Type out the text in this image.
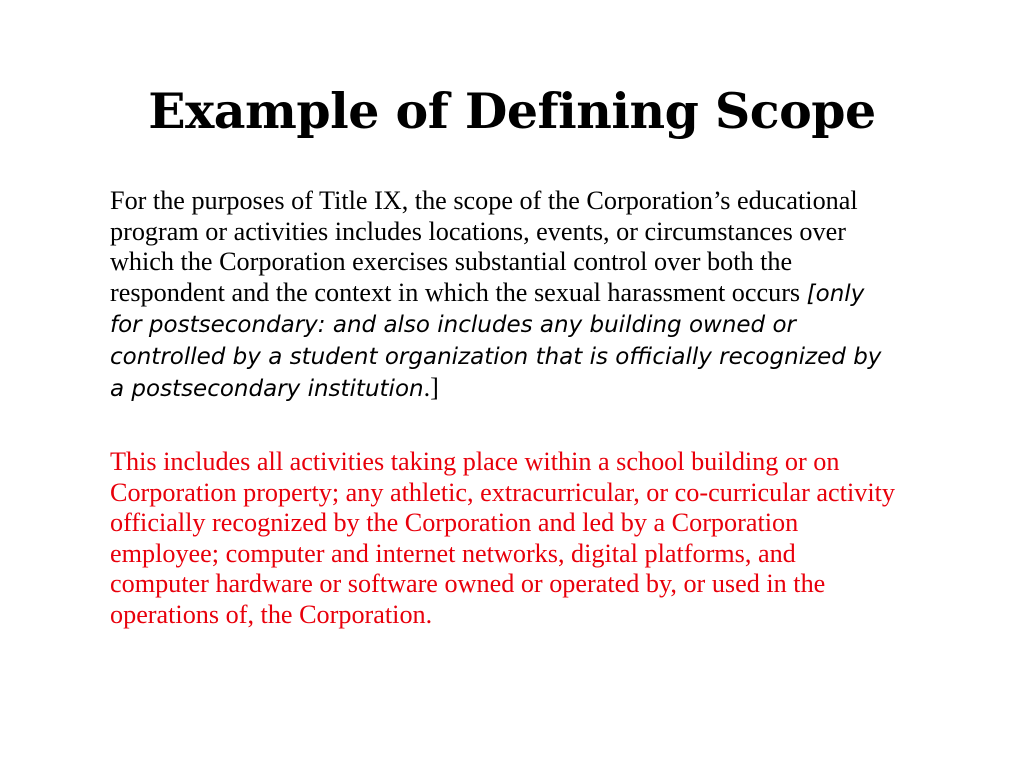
Example of Defining Scope

For the purposes of Title IX, the scope of the Corporation’s educational program or activities includes locations, events, or circumstances over which the Corporation exercises substantial control over both the respondent and the context in which the sexual harassment occurs [only for postsecondary: and also includes any building owned or controlled by a student organization that is officially recognized by a postsecondary institution.]

This includes all activities taking place within a school building or on Corporation property; any athletic, extracurricular, or co-curricular activity officially recognized by the Corporation and led by a Corporation employee; computer and internet networks, digital platforms, and computer hardware or software owned or operated by, or used in the operations of, the Corporation.
